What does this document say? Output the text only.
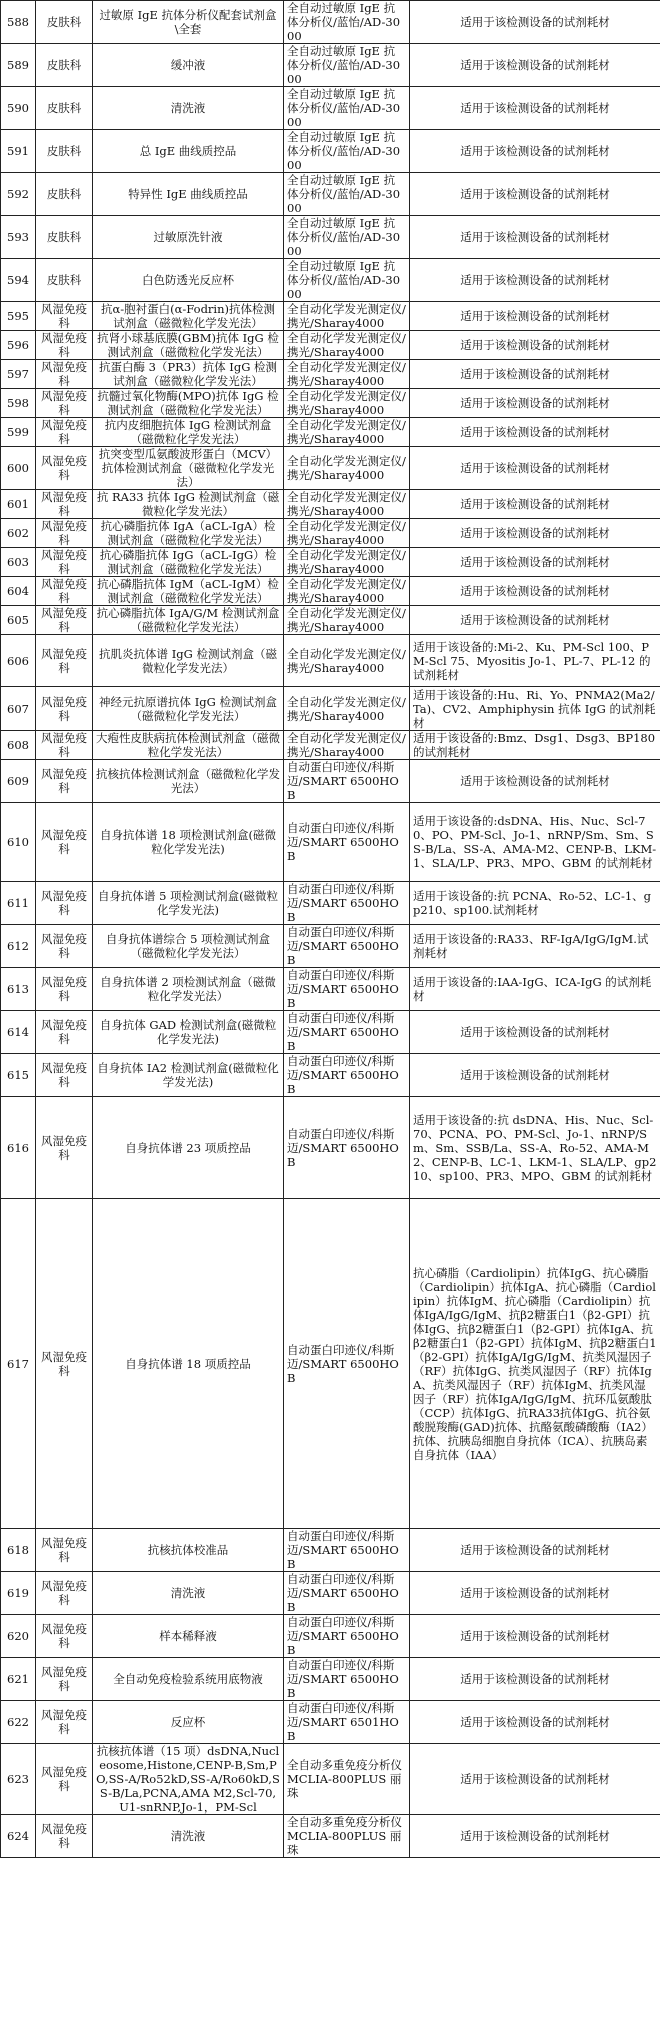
588	皮肤科	过敏原 IgE 抗体分析仪配套试剂盒\全套	全自动过敏原 IgE 抗体分析仪/蓝怡/AD-3000	适用于该检测设备的试剂耗材
589	皮肤科	缓冲液	全自动过敏原 IgE 抗体分析仪/蓝怡/AD-3000	适用于该检测设备的试剂耗材
590	皮肤科	清洗液	全自动过敏原 IgE 抗体分析仪/蓝怡/AD-3000	适用于该检测设备的试剂耗材
591	皮肤科	总 IgE 曲线质控品	全自动过敏原 IgE 抗体分析仪/蓝怡/AD-3000	适用于该检测设备的试剂耗材
592	皮肤科	特异性 IgE 曲线质控品	全自动过敏原 IgE 抗体分析仪/蓝怡/AD-3000	适用于该检测设备的试剂耗材
593	皮肤科	过敏原洗针液	全自动过敏原 IgE 抗体分析仪/蓝怡/AD-3000	适用于该检测设备的试剂耗材
594	皮肤科	白色防透光反应杯	全自动过敏原 IgE 抗体分析仪/蓝怡/AD-3000	适用于该检测设备的试剂耗材
595	风湿免疫科	抗α-胞衬蛋白(α-Fodrin)抗体检测试剂盒（磁微粒化学发光法）	全自动化学发光测定仪/携光/Sharay4000	适用于该检测设备的试剂耗材
596	风湿免疫科	抗肾小球基底膜(GBM)抗体 IgG 检测试剂盒（磁微粒化学发光法）	全自动化学发光测定仪/携光/Sharay4000	适用于该检测设备的试剂耗材
597	风湿免疫科	抗蛋白酶 3（PR3）抗体 IgG 检测试剂盒（磁微粒化学发光法）	全自动化学发光测定仪/携光/Sharay4000	适用于该检测设备的试剂耗材
598	风湿免疫科	抗髓过氧化物酶(MPO)抗体 IgG 检测试剂盒（磁微粒化学发光法）	全自动化学发光测定仪/携光/Sharay4000	适用于该检测设备的试剂耗材
599	风湿免疫科	抗内皮细胞抗体 IgG 检测试剂盒（磁微粒化学发光法）	全自动化学发光测定仪/携光/Sharay4000	适用于该检测设备的试剂耗材
600	风湿免疫科	抗突变型瓜氨酸波形蛋白（MCV）抗体检测试剂盒（磁微粒化学发光法）	全自动化学发光测定仪/携光/Sharay4000	适用于该检测设备的试剂耗材
601	风湿免疫科	抗 RA33 抗体 IgG 检测试剂盒（磁微粒化学发光法）	全自动化学发光测定仪/携光/Sharay4000	适用于该检测设备的试剂耗材
602	风湿免疫科	抗心磷脂抗体 IgA（aCL-IgA）检测试剂盒（磁微粒化学发光法）	全自动化学发光测定仪/携光/Sharay4000	适用于该检测设备的试剂耗材
603	风湿免疫科	抗心磷脂抗体 IgG（aCL-IgG）检测试剂盒（磁微粒化学发光法）	全自动化学发光测定仪/携光/Sharay4000	适用于该检测设备的试剂耗材
604	风湿免疫科	抗心磷脂抗体 IgM（aCL-IgM）检测试剂盒（磁微粒化学发光法）	全自动化学发光测定仪/携光/Sharay4000	适用于该检测设备的试剂耗材
605	风湿免疫科	抗心磷脂抗体 IgA/G/M 检测试剂盒（磁微粒化学发光法）	全自动化学发光测定仪/携光/Sharay4000	适用于该检测设备的试剂耗材
606	风湿免疫科	抗肌炎抗体谱 IgG 检测试剂盒（磁微粒化学发光法）	全自动化学发光测定仪/携光/Sharay4000	适用于该设备的:Mi-2、Ku、PM-Scl 100、PM-Scl 75、Myositis Jo-1、PL-7、PL-12 的试剂耗材
607	风湿免疫科	神经元抗原谱抗体 IgG 检测试剂盒（磁微粒化学发光法）	全自动化学发光测定仪/携光/Sharay4000	适用于该设备的:Hu、Ri、Yo、PNMA2(Ma2/Ta)、CV2、Amphiphysin 抗体 IgG 的试剂耗材
608	风湿免疫科	大疱性皮肤病抗体检测试剂盒（磁微粒化学发光法）	全自动化学发光测定仪/携光/Sharay4000	适用于该设备的:Bmz、Dsg1、Dsg3、BP180 的试剂耗材
609	风湿免疫科	抗核抗体检测试剂盒（磁微粒化学发光法）	自动蛋白印迹仪/科斯迈/SMART 6500HOB	适用于该检测设备的试剂耗材
610	风湿免疫科	自身抗体谱 18 项检测试剂盒(磁微粒化学发光法)	自动蛋白印迹仪/科斯迈/SMART 6500HOB	适用于该设备的:dsDNA、His、Nuc、Scl-70、PO、PM-Scl、Jo-1、nRNP/Sm、Sm、SS-B/La、SS-A、AMA-M2、CENP-B、LKM-1、SLA/LP、PR3、MPO、GBM 的试剂耗材
611	风湿免疫科	自身抗体谱 5 项检测试剂盒(磁微粒化学发光法)	自动蛋白印迹仪/科斯迈/SMART 6500HOB	适用于该设备的:抗 PCNA、Ro-52、LC-1、gp210、sp100.试剂耗材
612	风湿免疫科	自身抗体谱综合 5 项检测试剂盒（磁微粒化学发光法）	自动蛋白印迹仪/科斯迈/SMART 6500HOB	适用于该设备的:RA33、RF-IgA/IgG/IgM.试剂耗材
613	风湿免疫科	自身抗体谱 2 项检测试剂盒（磁微粒化学发光法）	自动蛋白印迹仪/科斯迈/SMART 6500HOB	适用于该设备的:IAA-IgG、ICA-IgG 的试剂耗材
614	风湿免疫科	自身抗体 GAD 检测试剂盒(磁微粒化学发光法)	自动蛋白印迹仪/科斯迈/SMART 6500HOB	适用于该检测设备的试剂耗材
615	风湿免疫科	自身抗体 IA2 检测试剂盒(磁微粒化学发光法)	自动蛋白印迹仪/科斯迈/SMART 6500HOB	适用于该检测设备的试剂耗材
616	风湿免疫科	自身抗体谱 23 项质控品	自动蛋白印迹仪/科斯迈/SMART 6500HOB	适用于该设备的:抗 dsDNA、His、Nuc、Scl-70、PCNA、PO、PM-Scl、Jo-1、nRNP/Sm、Sm、SSB/La、SS-A、Ro-52、AMA-M2、CENP-B、LC-1、LKM-1、SLA/LP、gp210、sp100、PR3、MPO、GBM 的试剂耗材
617	风湿免疫科	自身抗体谱 18 项质控品	自动蛋白印迹仪/科斯迈/SMART 6500HOB	抗心磷脂（Cardiolipin）抗体IgG、抗心磷脂（Cardiolipin）抗体IgA、抗心磷脂（Cardiolipin）抗体IgM、抗心磷脂（Cardiolipin）抗体IgA/IgG/IgM、抗β2糖蛋白1（β2-GPⅠ）抗体IgG、抗β2糖蛋白1（β2-GPⅠ）抗体IgA、抗β2糖蛋白1（β2-GPⅠ）抗体IgM、抗β2糖蛋白1（β2-GPⅠ）抗体IgA/IgG/IgM、抗类风湿因子（RF）抗体IgG、抗类风湿因子（RF）抗体IgA、抗类风湿因子（RF）抗体IgM、抗类风湿因子（RF）抗体IgA/IgG/IgM、抗环瓜氨酸肽（CCP）抗体IgG、抗RA33抗体IgG、抗谷氨酸脱羧酶(GAD)抗体、抗酪氨酸磷酸酶（IA2）抗体、抗胰岛细胞自身抗体（ICA）、抗胰岛素自身抗体（IAA）
618	风湿免疫科	抗核抗体校准品	自动蛋白印迹仪/科斯迈/SMART 6500HOB	适用于该检测设备的试剂耗材
619	风湿免疫科	清洗液	自动蛋白印迹仪/科斯迈/SMART 6500HOB	适用于该检测设备的试剂耗材
620	风湿免疫科	样本稀释液	自动蛋白印迹仪/科斯迈/SMART 6500HOB	适用于该检测设备的试剂耗材
621	风湿免疫科	全自动免疫检验系统用底物液	自动蛋白印迹仪/科斯迈/SMART 6500HOB	适用于该检测设备的试剂耗材
622	风湿免疫科	反应杯	自动蛋白印迹仪/科斯迈/SMART 6501HOB	适用于该检测设备的试剂耗材
623	风湿免疫科	抗核抗体谱（15 项）dsDNA,Nucleosome,Histone,CENP-B,Sm,PO,SS-A/Ro52kD,SS-A/Ro60kD,SS-B/La,PCNA,AMA M2,Scl-70,U1-snRNP,Jo-1，PM-Scl	全自动多重免疫分析仪 MCLIA-800PLUS 丽珠	适用于该检测设备的试剂耗材
624	风湿免疫科	清洗液	全自动多重免疫分析仪 MCLIA-800PLUS 丽珠	适用于该检测设备的试剂耗材
